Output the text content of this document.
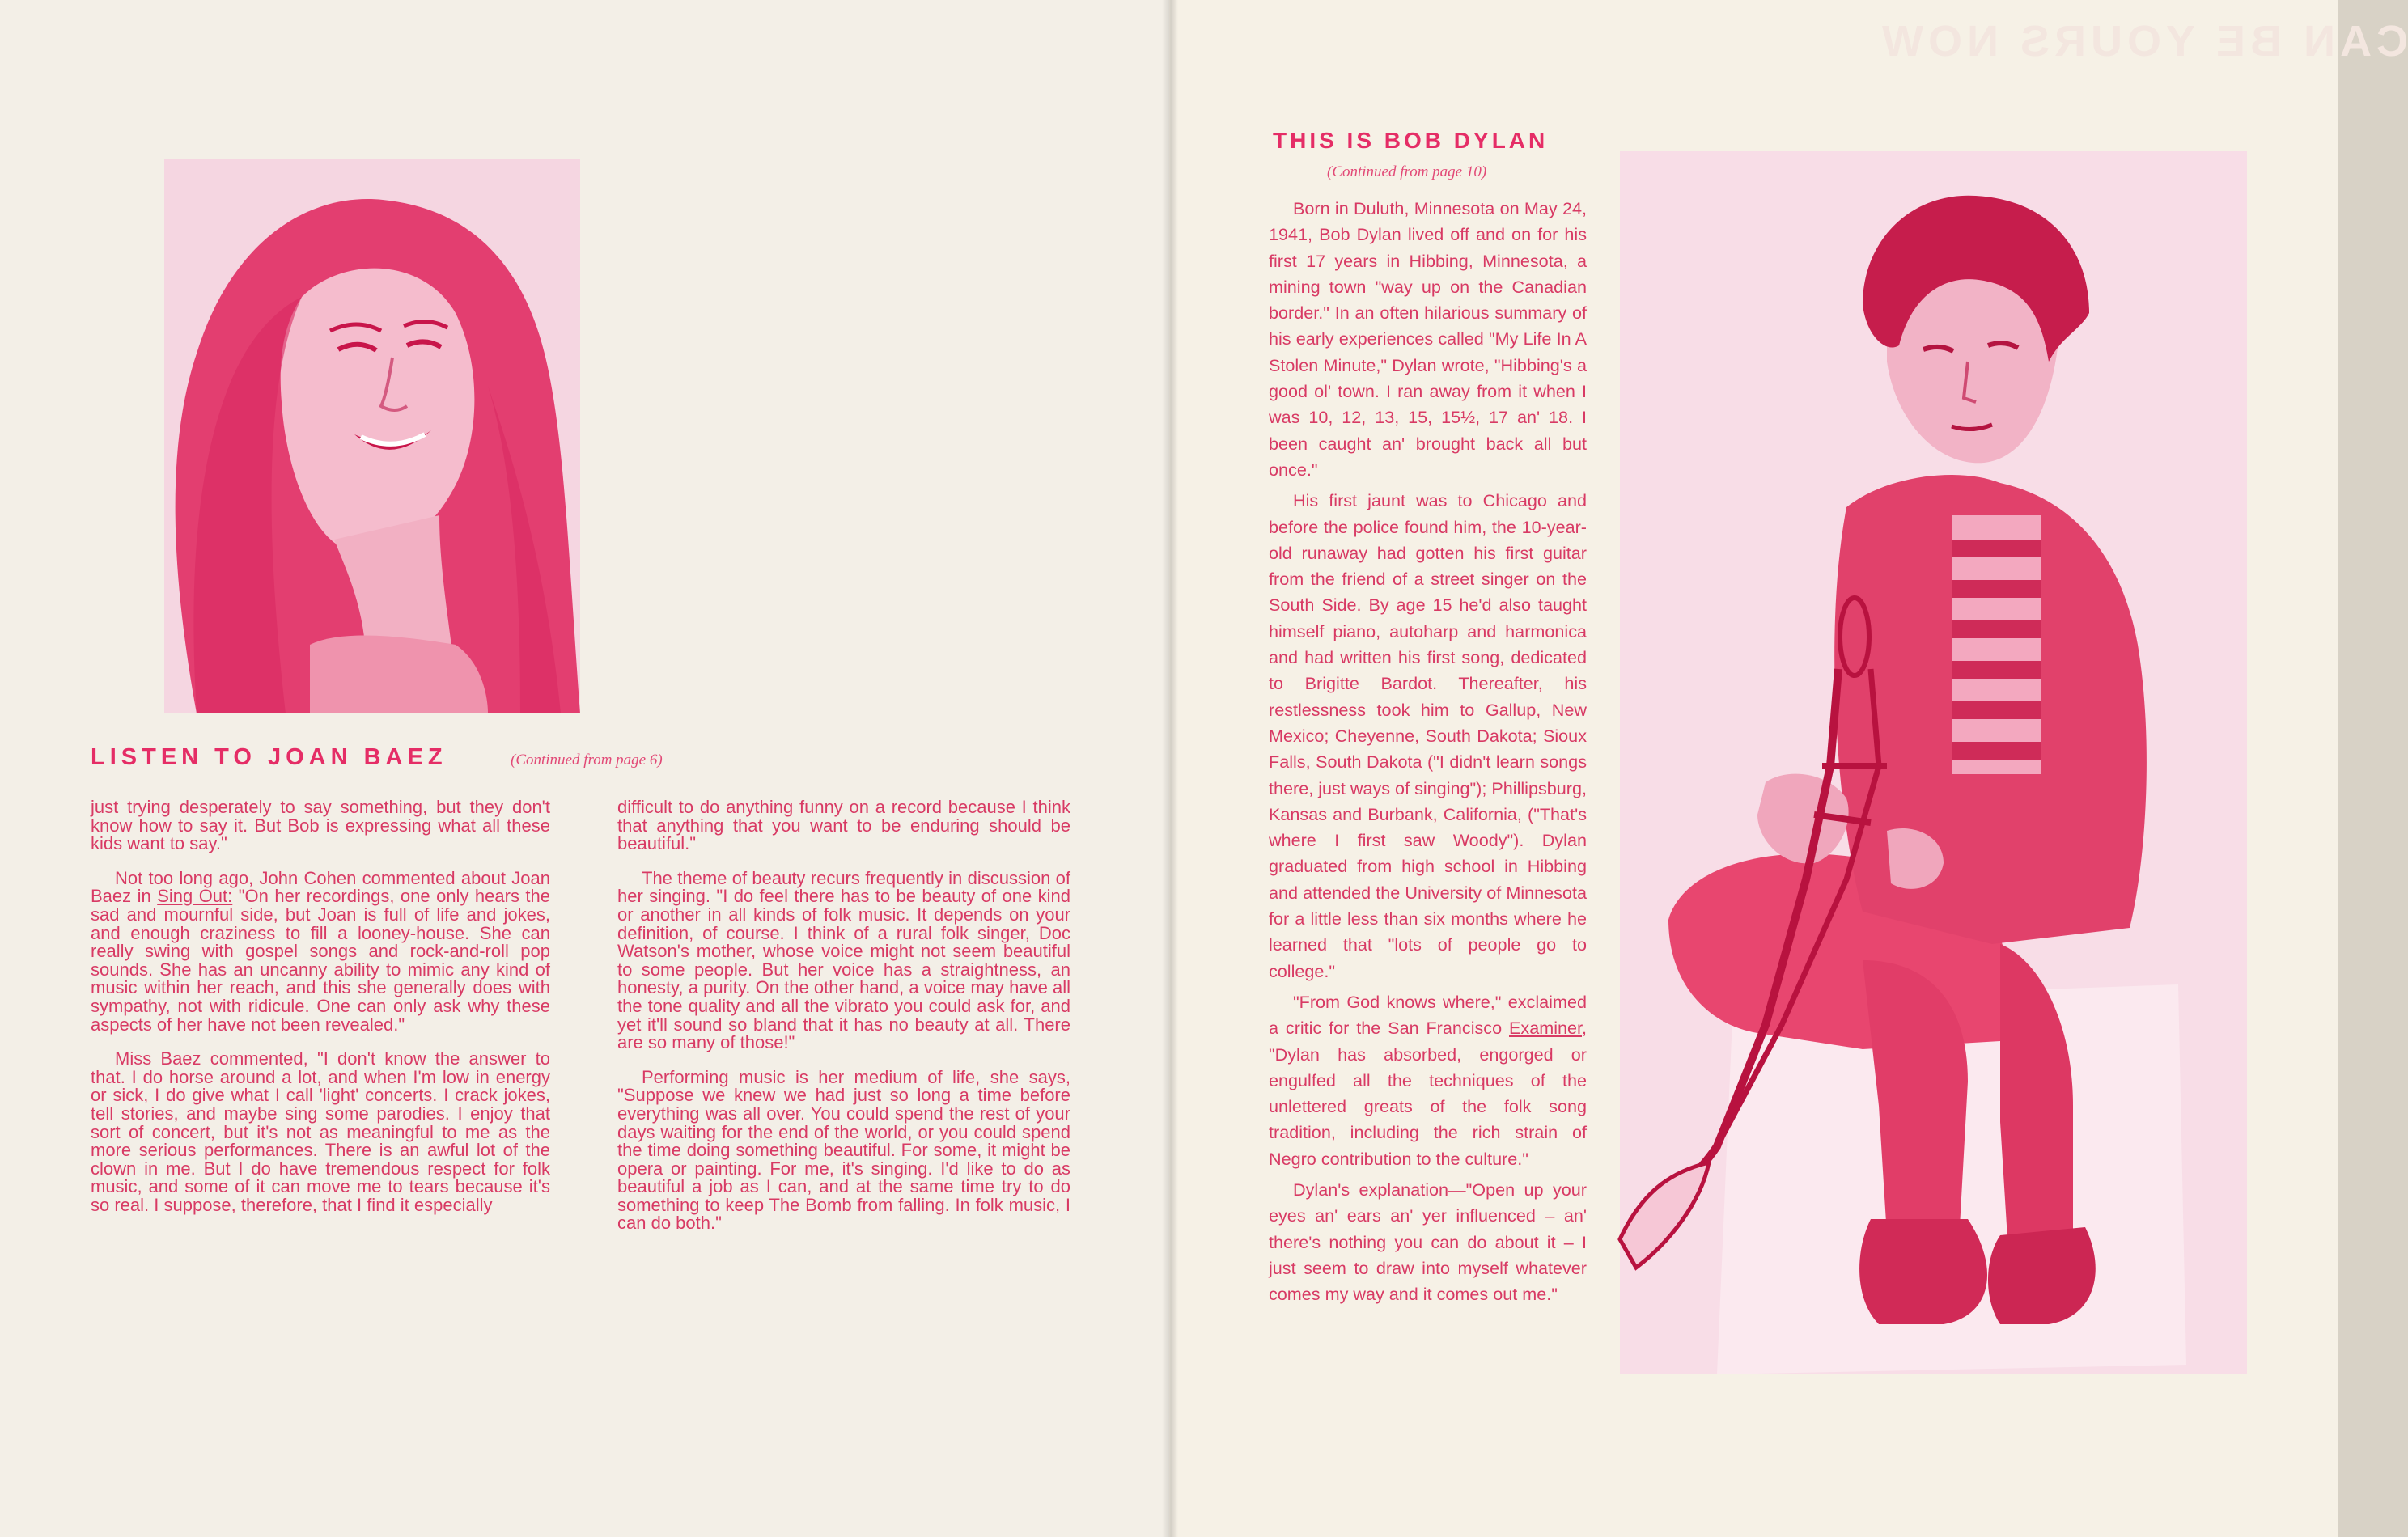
LISTEN TO JOAN BAEZ	(Continued from page 6)

just trying desperately to say something, but they don't know how to say it. But Bob is expressing what all these kids want to say."

Not too long ago, John Cohen commented about Joan Baez in Sing Out: "On her recordings, one only hears the sad and mournful side, but Joan is full of life and jokes, and enough craziness to fill a looney-house. She can really swing with gospel songs and rock-and-roll pop sounds. She has an uncanny ability to mimic any kind of music within her reach, and this she generally does with sympathy, not with ridicule. One can only ask why these aspects of her have not been revealed."

Miss Baez commented, "I don't know the answer to that. I do horse around a lot, and when I'm low in energy or sick, I do give what I call 'light' concerts. I crack jokes, tell stories, and maybe sing some parodies. I enjoy that sort of concert, but it's not as meaningful to me as the more serious performances. There is an awful lot of the clown in me. But I do have tremendous respect for folk music, and some of it can move me to tears because it's so real. I suppose, therefore, that I find it especially

difficult to do anything funny on a record because I think that anything that you want to be enduring should be beautiful."

The theme of beauty recurs frequently in discussion of her singing. "I do feel there has to be beauty of one kind or another in all kinds of folk music. It depends on your definition, of course. I think of a rural folk singer, Doc Watson's mother, whose voice might not seem beautiful to some people. But her voice has a straightness, an honesty, a purity. On the other hand, a voice may have all the tone quality and all the vibrato you could ask for, and yet it'll sound so bland that it has no beauty at all. There are so many of those!"

Performing music is her medium of life, she says, "Suppose we knew we had just so long a time before everything was all over. You could spend the rest of your days waiting for the end of the world, or you could spend the time doing something beautiful. For some, it might be opera or painting. For me, it's singing. I'd like to do as beautiful a job as I can, and at the same time try to do something to keep The Bomb from falling. In folk music, I can do both."

CAN BE YOURS NOW
THIS IS BOB DYLAN
(Continued from page 10)

Born in Duluth, Minnesota on May 24, 1941, Bob Dylan lived off and on for his first 17 years in Hibbing, Minnesota, a mining town "way up on the Canadian border." In an often hilarious summary of his early experiences called "My Life In A Stolen Minute," Dylan wrote, "Hibbing's a good ol' town. I ran away from it when I was 10, 12, 13, 15, 15½, 17 an' 18. I been caught an' brought back all but once."

His first jaunt was to Chicago and before the police found him, the 10-year-old runaway had gotten his first guitar from the friend of a street singer on the South Side. By age 15 he'd also taught himself piano, autoharp and harmonica and had written his first song, dedicated to Brigitte Bardot. Thereafter, his restlessness took him to Gallup, New Mexico; Cheyenne, South Dakota; Sioux Falls, South Dakota ("I didn't learn songs there, just ways of singing"); Phillipsburg, Kansas and Burbank, California, ("That's where I first saw Woody"). Dylan graduated from high school in Hibbing and attended the University of Minnesota for a little less than six months where he learned that "lots of people go to college."

"From God knows where," exclaimed a critic for the San Francisco Examiner, "Dylan has absorbed, engorged or engulfed all the techniques of the unlettered greats of the folk song tradition, including the rich strain of Negro contribution to the culture."

Dylan's explanation—"Open up your eyes an' ears an' yer influenced – an' there's nothing you can do about it – I just seem to draw into myself whatever comes my way and it comes out me."
